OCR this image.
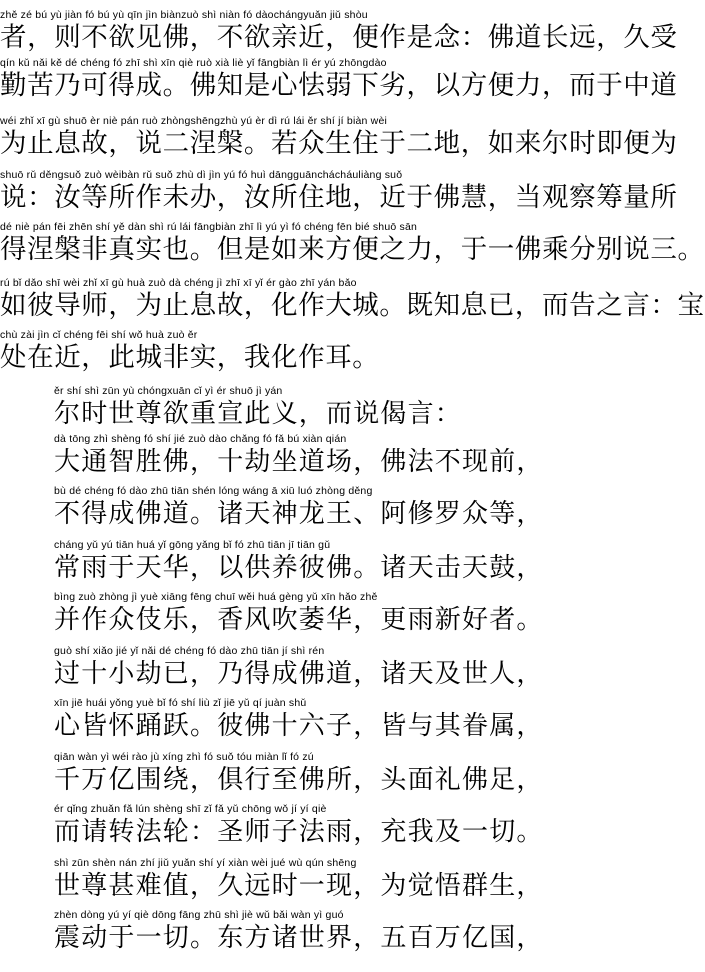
zhě zé bú yù jiàn fó bú yù qīn jìn biànzuò shì niàn fó dàochángyuǎn jiǔ shòu
者，则不欲见佛，不欲亲近，便作是念：佛道长远，久受
qín kǔ nǎi kě dé chéng fó zhī shì xīn qiè ruò xià liè yǐ fāngbiàn lì ér yú zhōngdào
勤苦乃可得成。佛知是心怯弱下劣，以方便力，而于中道
wéi zhǐ xī gù shuō èr niè pán ruò zhòngshēngzhù yú èr dì rú lái ěr shí jí biàn wèi
为止息故，说二涅槃。若众生住于二地，如来尔时即便为
shuō rǔ děngsuǒ zuò wèibàn rǔ suǒ zhù dì jìn yú fó huì dāngguānchácháuliàng suǒ
说：汝等所作未办，汝所住地，近于佛慧，当观察筹量所
dé niè pán fēi zhēn shí yě dàn shì rú lái fāngbiàn zhī lì yú yì fó chéng fēn bié shuō sān
得涅槃非真实也。但是如来方便之力，于一佛乘分别说三。
rú bǐ dǎo shī wèi zhǐ xī gù huà zuò dà chéng jì zhī xī yǐ ér gào zhī yán bǎo
如彼导师，为止息故，化作大城。既知息已，而告之言：宝
chù zài jìn cǐ chéng fēi shí wǒ huà zuò ěr
处在近，此城非实，我化作耳。
ěr shí shì zūn yù chóngxuān cǐ yì ér shuō jì yán
尔时世尊欲重宣此义，而说偈言：
dà tōng zhì shèng fó shí jié zuò dào chǎng fó fǎ bú xiàn qián
大通智胜佛，十劫坐道场，佛法不现前，
bù dé chéng fó dào zhū tiān shén lóng wáng ā xiū luó zhòng děng
不得成佛道。诸天神龙王、阿修罗众等，
cháng yǔ yú tiān huá yǐ gōng yǎng bǐ fó zhū tiān jī tiān gǔ
常雨于天华，以供养彼佛。诸天击天鼓，
bìng zuò zhòng jì yuè xiāng fēng chuī wěi huá gèng yǔ xīn hǎo zhě
并作众伎乐，香风吹萎华，更雨新好者。
guò shí xiǎo jié yǐ nǎi dé chéng fó dào zhū tiān jí shì rén
过十小劫已，乃得成佛道，诸天及世人，
xīn jiē huái yǒng yuè bǐ fó shí liù zǐ jiē yǔ qí juàn shǔ
心皆怀踊跃。彼佛十六子，皆与其眷属，
qiān wàn yì wéi rào jù xíng zhì fó suǒ tóu miàn lǐ fó zú
千万亿围绕，俱行至佛所，头面礼佛足，
ér qǐng zhuǎn fǎ lún shèng shī zǐ fǎ yǔ chōng wǒ jí yí qiè
而请转法轮：圣师子法雨，充我及一切。
shì zūn shèn nán zhí jiǔ yuǎn shí yí xiàn wèi jué wù qún shēng
世尊甚难值，久远时一现，为觉悟群生，
zhèn dòng yú yí qiè dōng fāng zhū shì jiè wǔ bǎi wàn yì guó
震动于一切。东方诸世界，五百万亿国，
